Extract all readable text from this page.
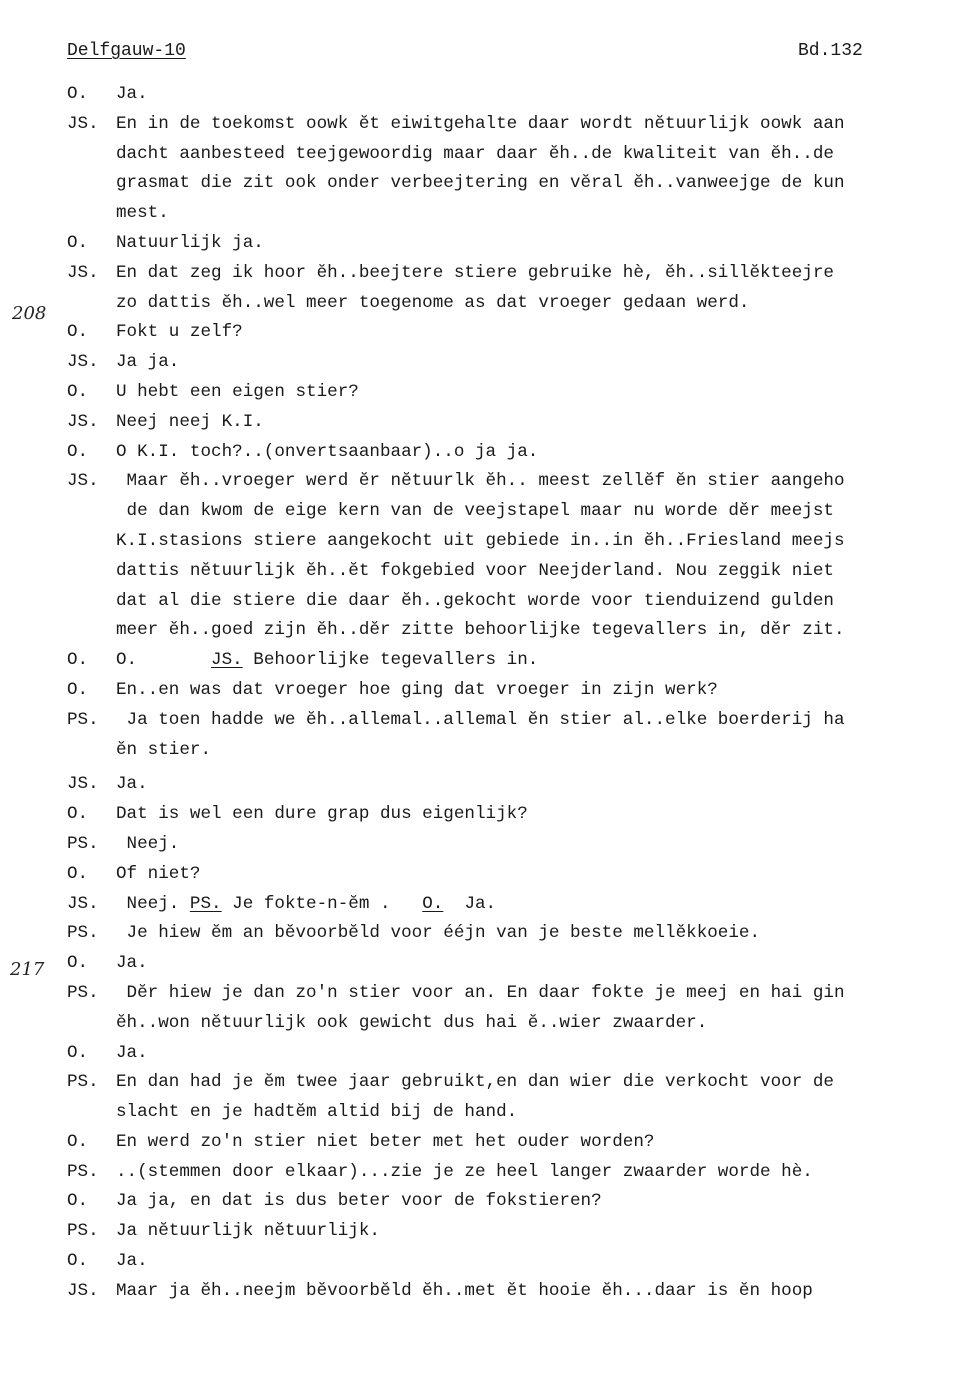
Delfgauw-10	Bd.132
208
217
O.	Ja.
JS. En in de toekomst oowk ĕt eiwitgehalte daar wordt nĕtuurlijk oowk aan
dacht aanbesteed teejgewoordig maar daar ĕh..de kwaliteit van ĕh..de
grasmat die zit ook onder verbeejtering en vĕral ĕh..vanweejge de kun
mest.
O.	Natuurlijk ja.
JS. En dat zeg ik hoor ĕh..beejtere stiere gebruike hè, ĕh..sillĕkteejre
zo dattis ĕh..wel meer toegenome as dat vroeger gedaan werd.
O.	Fokt u zelf?
JS. Ja ja.
O.	U hebt een eigen stier?
JS. Neej neej K.I.
O.	O K.I. toch?..(onvertsaanbaar)..o ja ja.
JS. Maar ĕh..vroeger werd ĕr nĕtuurlk ĕh.. meest zellĕf ĕn stier aangeho
de dan kwom de eige kern van de veejstapel maar nu worde dĕr meejst
K.I.stasions stiere aangekocht uit gebiede in..in ĕh..Friesland meejs
dattis nĕtuurlijk ĕh..ĕt fokgebied voor Neejderland. Nou zeggik niet
dat al die stiere die daar ĕh..gekocht worde voor tienduizend gulden
meer ĕh..goed zijn ĕh..dĕr zitte behoorlijke tegevallers in, dĕr zit.
O.	O.       JS. Behoorlijke tegevallers in.
O.	En..en was dat vroeger hoe ging dat vroeger in zijn werk?
PS. Ja toen hadde we ĕh..allemal..allemal ĕn stier al..elke boerderij ha
ĕn stier.
JS. Ja.
O.	Dat is wel een dure grap dus eigenlijk?
PS. Neej.
O.	Of niet?
JS. Neej. PS. Je fokte-n-ĕm .   O.  Ja.
PS. Je hiew ĕm an bĕvoorbĕld voor ééjn van je beste mellĕkkoeie.
O.	Ja.
PS. Dĕr hiew je dan zo'n stier voor an. En daar fokte je meej en hai gin
ĕh..won nĕtuurlijk ook gewicht dus hai ĕ..wier zwaarder.
O.	Ja.
PS. En dan had je ĕm twee jaar gebruikt,en dan wier die verkocht voor de
slacht en je hadtĕm altid bij de hand.
O.	En werd zo'n stier niet beter met het ouder worden?
PS. ..(stemmen door elkaar)...zie je ze heel langer zwaarder worde hè.
O.	Ja ja, en dat is dus beter voor de fokstieren?
PS. Ja nĕtuurlijk nĕtuurlijk.
O.	Ja.
JS. Maar ja ĕh..neejm bĕvoorbĕld ĕh..met ĕt hooie ĕh...daar is ĕn hoop
